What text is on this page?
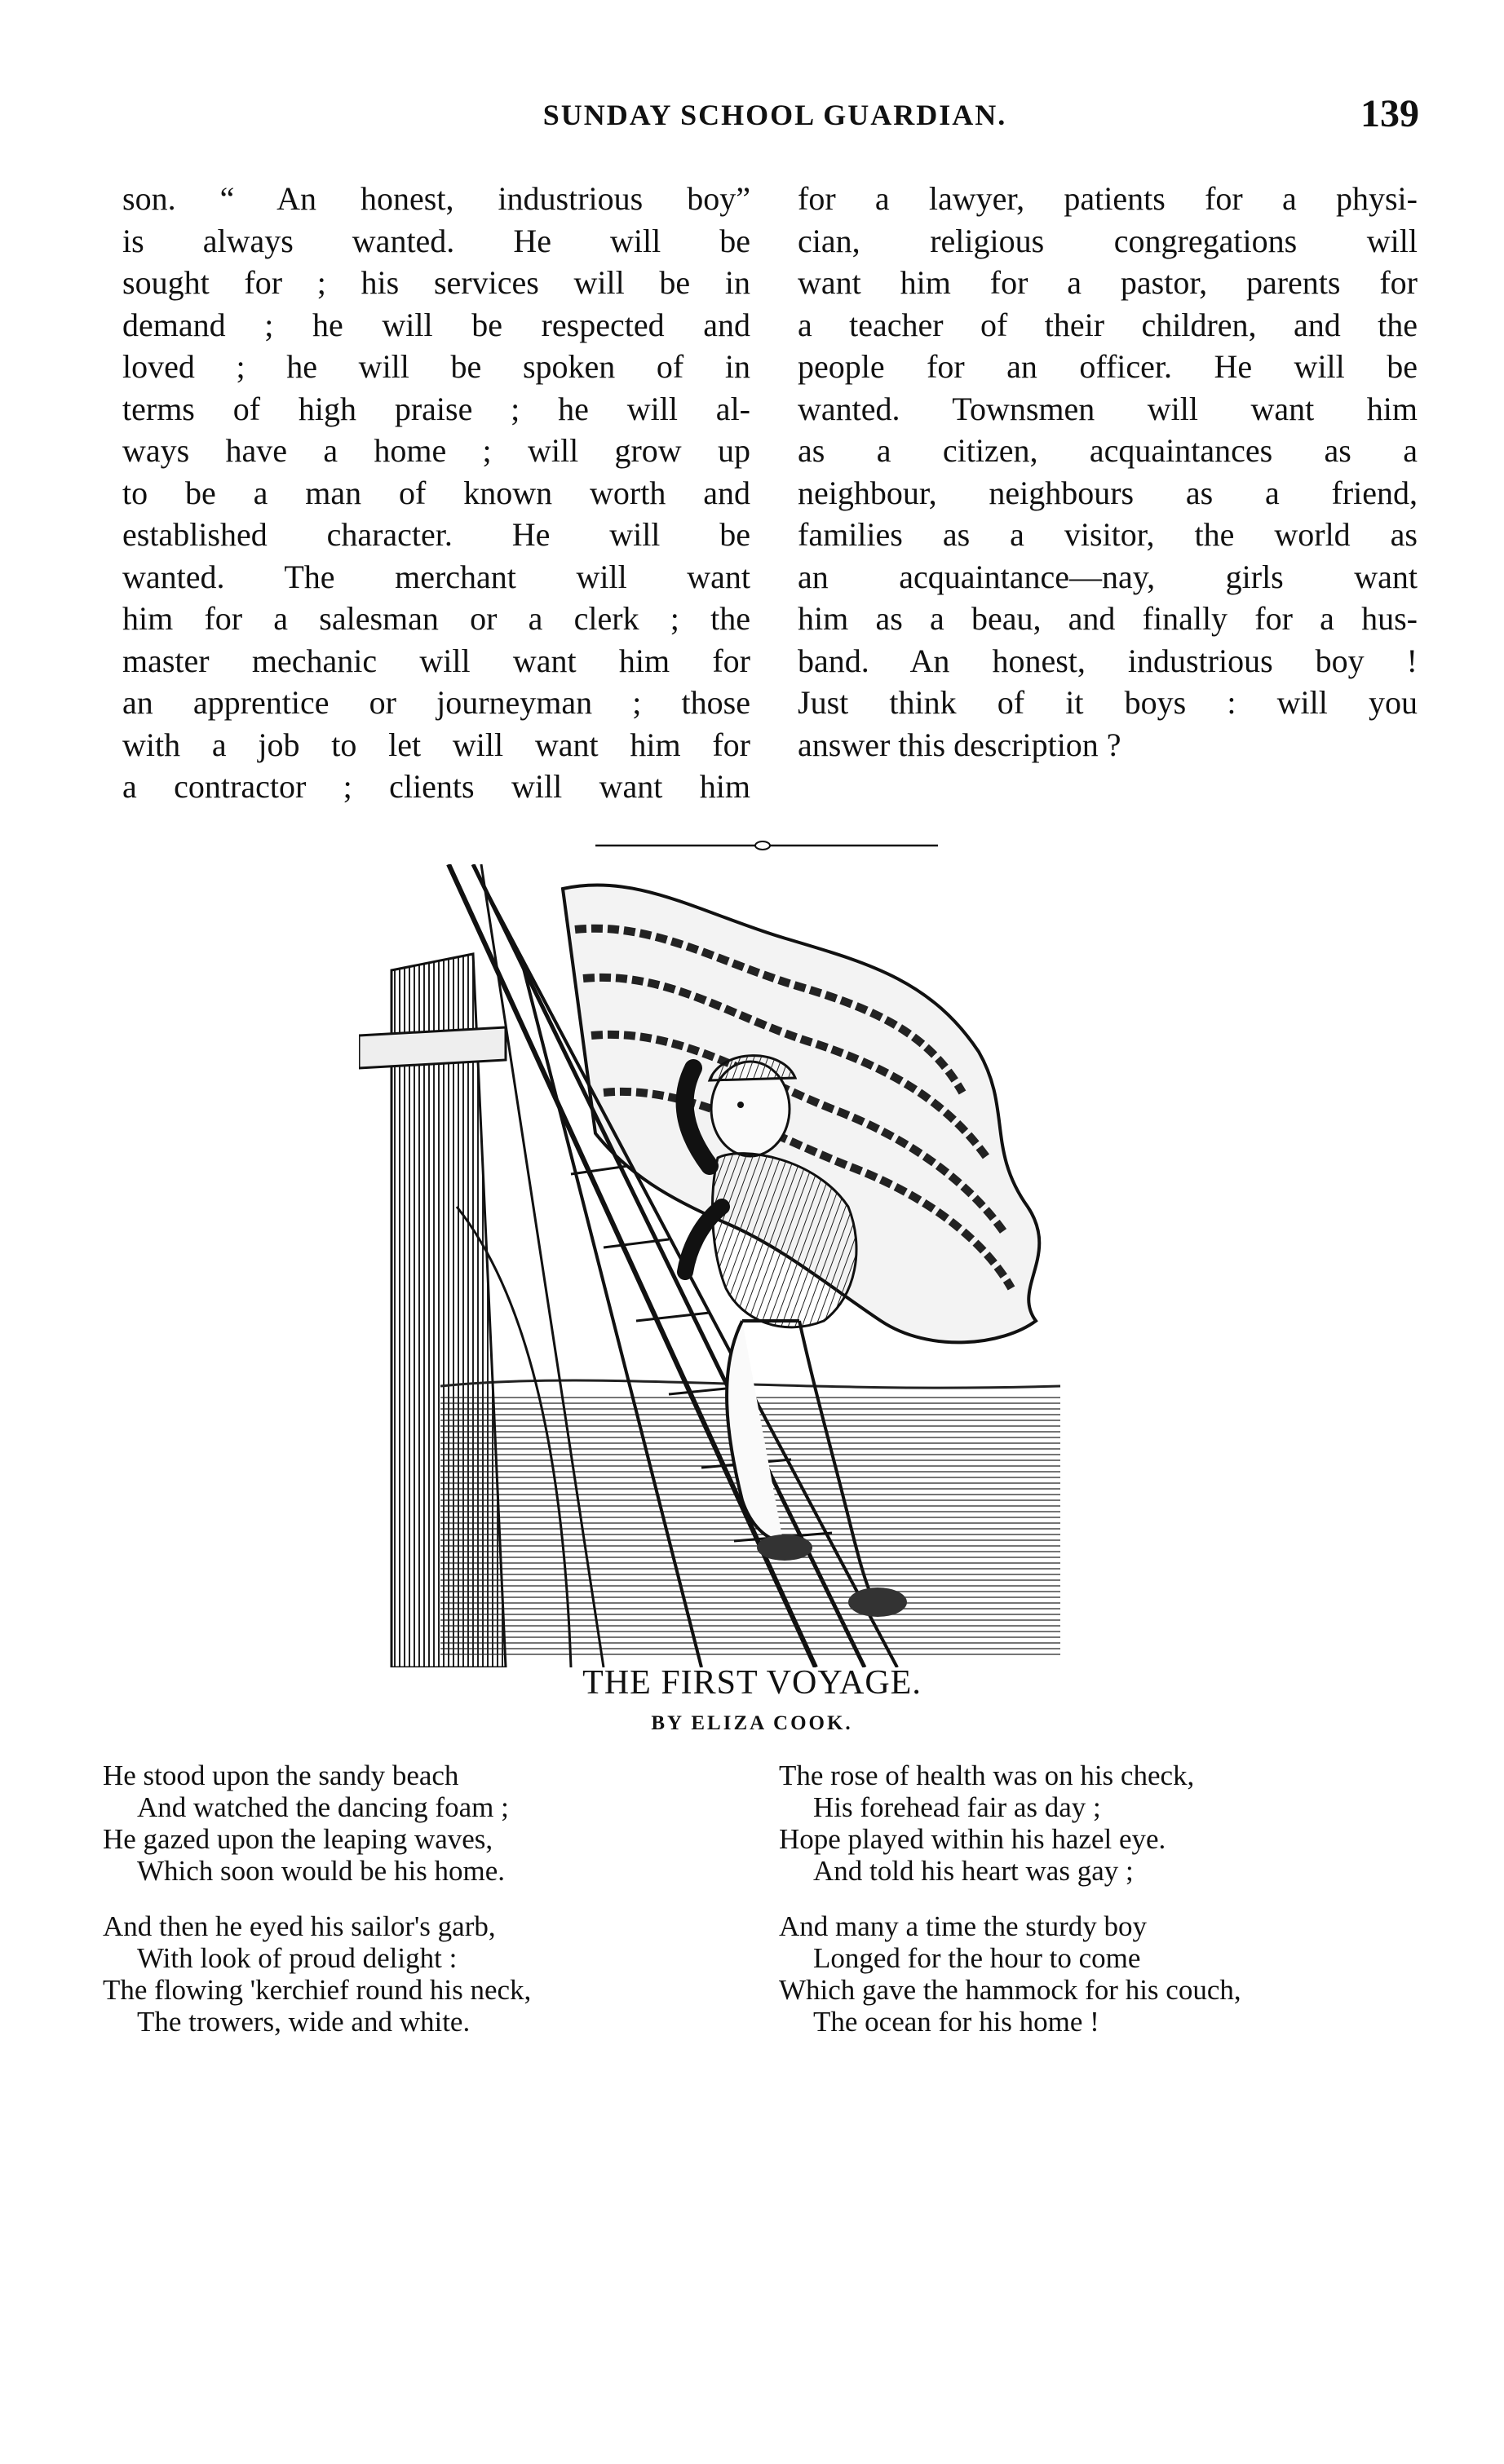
SUNDAY SCHOOL GUARDIAN.	139
son. “ An honest, industrious boy”
is always wanted. He will be
sought for ; his services will be in
demand ; he will be respected and
loved ; he will be spoken of in
terms of high praise ; he will al-
ways have a home ; will grow up
to be a man of known worth and
established character. He will be
wanted. The merchant will want
him for a salesman or a clerk ; the
master mechanic will want him for
an apprentice or journeyman ; those
with a job to let will want him for
a contractor ; clients will want him
for a lawyer, patients for a physi-
cian, religious congregations will
want him for a pastor, parents for
a teacher of their children, and the
people for an officer. He will be
wanted. Townsmen will want him
as a citizen, acquaintances as a
neighbour, neighbours as a friend,
families as a visitor, the world as
an acquaintance—nay, girls want
him as a beau, and finally for a hus-
band. An honest, industrious boy !
Just think of it boys : will you
answer this description ?
THE FIRST VOYAGE.
BY ELIZA COOK.
He stood upon the sandy beach
And watched the dancing foam ;
He gazed upon the leaping waves,
Which soon would be his home.
And then he eyed his sailor's garb,
With look of proud delight :
The flowing 'kerchief round his neck,
The trowers, wide and white.
The rose of health was on his check,
His forehead fair as day ;
Hope played within his hazel eye.
And told his heart was gay ;
And many a time the sturdy boy
Longed for the hour to come
Which gave the hammock for his couch,
The ocean for his home !
